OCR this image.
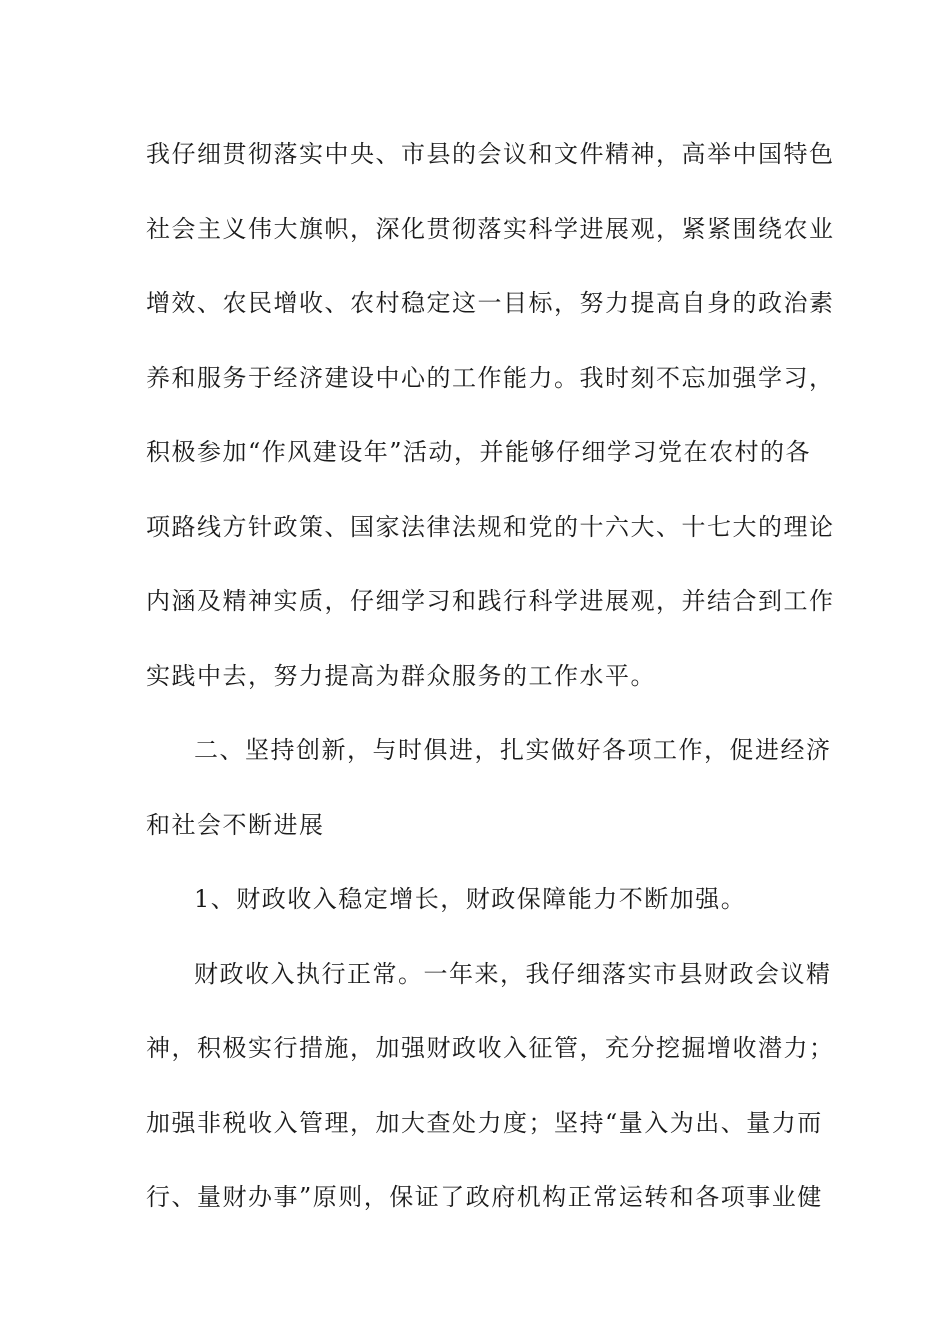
我仔细贯彻落实中央、市县的会议和文件精神，高举中国特色
社会主义伟大旗帜，深化贯彻落实科学进展观，紧紧围绕农业
增效、农民增收、农村稳定这一目标，努力提高自身的政治素
养和服务于经济建设中心的工作能力。我时刻不忘加强学习，
积极参加“作风建设年”活动，并能够仔细学习党在农村的各
项路线方针政策、国家法律法规和党的十六大、十七大的理论
内涵及精神实质，仔细学习和践行科学进展观，并结合到工作
实践中去，努力提高为群众服务的工作水平。
二、坚持创新，与时俱进，扎实做好各项工作，促进经济
和社会不断进展
1、财政收入稳定增长，财政保障能力不断加强。
财政收入执行正常。一年来，我仔细落实市县财政会议精
神，积极实行措施，加强财政收入征管，充分挖掘增收潜力；
加强非税收入管理，加大查处力度；坚持“量入为出、量力而
行、量财办事”原则，保证了政府机构正常运转和各项事业健
